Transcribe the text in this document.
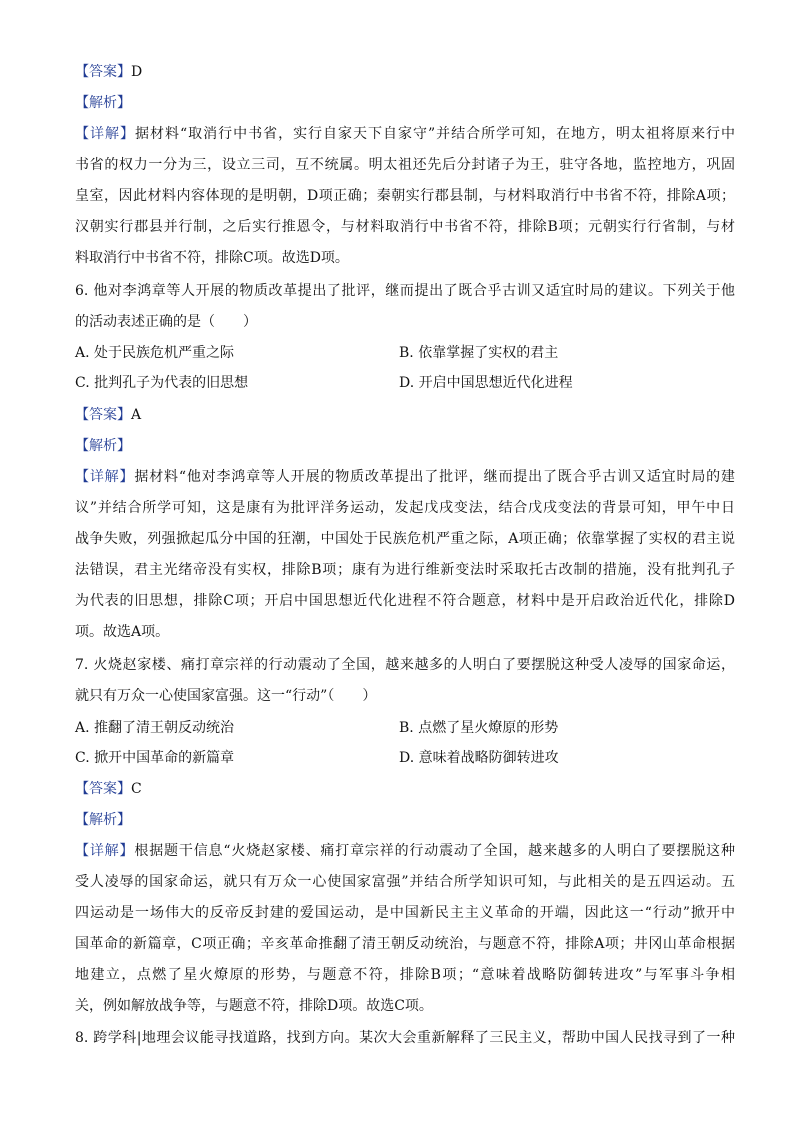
【答案】D
【解析】
【详解】据材料“取消行中书省，实行自家天下自家守”并结合所学可知，在地方，明太祖将原来行中
书省的权力一分为三，设立三司，互不统属。明太祖还先后分封诸子为王，驻守各地，监控地方，巩固
皇室，因此材料内容体现的是明朝，D项正确；秦朝实行郡县制，与材料取消行中书省不符，排除A项；
汉朝实行郡县并行制，之后实行推恩令，与材料取消行中书省不符，排除B项；元朝实行行省制，与材
料取消行中书省不符，排除C项。故选D项。
6. 他对李鸿章等人开展的物质改革提出了批评，继而提出了既合乎古训又适宜时局的建议。下列关于他
的活动表述正确的是（　　）
A. 处于民族危机严重之际	B. 依靠掌握了实权的君主
C. 批判孔子为代表的旧思想	D. 开启中国思想近代化进程
【答案】A
【解析】
【详解】据材料“他对李鸿章等人开展的物质改革提出了批评，继而提出了既合乎古训又适宜时局的建
议”并结合所学可知，这是康有为批评洋务运动，发起戊戌变法，结合戊戌变法的背景可知，甲午中日
战争失败，列强掀起瓜分中国的狂潮，中国处于民族危机严重之际，A项正确；依靠掌握了实权的君主说
法错误，君主光绪帝没有实权，排除B项；康有为进行维新变法时采取托古改制的措施，没有批判孔子
为代表的旧思想，排除C项；开启中国思想近代化进程不符合题意，材料中是开启政治近代化，排除D
项。故选A项。
7. 火烧赵家楼、痛打章宗祥的行动震动了全国，越来越多的人明白了要摆脱这种受人凌辱的国家命运，
就只有万众一心使国家富强。这一“行动”（　　）
A. 推翻了清王朝反动统治	B. 点燃了星火燎原的形势
C. 掀开中国革命的新篇章	D. 意味着战略防御转进攻
【答案】C
【解析】
【详解】根据题干信息“火烧赵家楼、痛打章宗祥的行动震动了全国，越来越多的人明白了要摆脱这种
受人凌辱的国家命运，就只有万众一心使国家富强”并结合所学知识可知，与此相关的是五四运动。五
四运动是一场伟大的反帝反封建的爱国运动，是中国新民主主义革命的开端，因此这一“行动”掀开中
国革命的新篇章，C项正确；辛亥革命推翻了清王朝反动统治，与题意不符，排除A项；井冈山革命根据
地建立，点燃了星火燎原的形势，与题意不符，排除B项；“意味着战略防御转进攻”与军事斗争相
关，例如解放战争等，与题意不符，排除D项。故选C项。
8. 跨学科|地理会议能寻找道路，找到方向。某次大会重新解释了三民主义，帮助中国人民找寻到了一种
